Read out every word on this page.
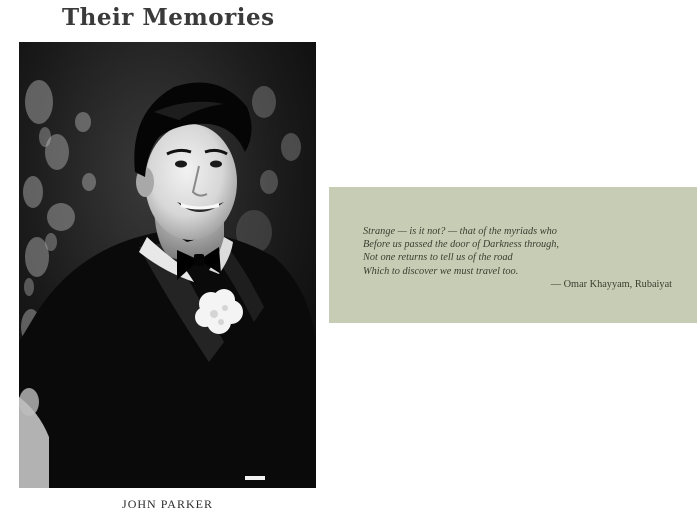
Their Memories
JOHN PARKER
Strange — is it not? — that of the myriads who
Before us passed the door of Darkness through,
Not one returns to tell us of the road
Which to discover we must travel too.
— Omar Khayyam, Rubaiyat
